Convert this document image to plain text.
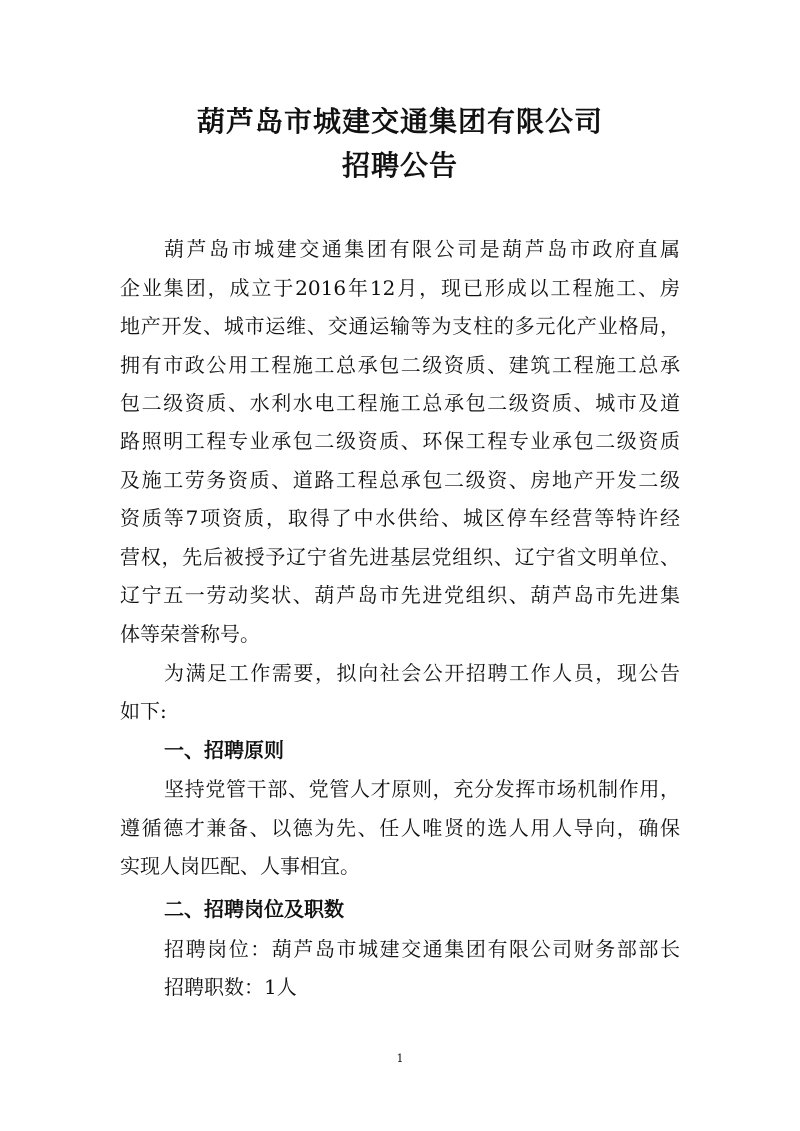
葫芦岛市城建交通集团有限公司
招聘公告
葫芦岛市城建交通集团有限公司是葫芦岛市政府直属
企业集团，成立于2016年12月，现已形成以工程施工、房
地产开发、城市运维、交通运输等为支柱的多元化产业格局，
拥有市政公用工程施工总承包二级资质、建筑工程施工总承
包二级资质、水利水电工程施工总承包二级资质、城市及道
路照明工程专业承包二级资质、环保工程专业承包二级资质
及施工劳务资质、道路工程总承包二级资、房地产开发二级
资质等7项资质，取得了中水供给、城区停车经营等特许经
营权，先后被授予辽宁省先进基层党组织、辽宁省文明单位、
辽宁五一劳动奖状、葫芦岛市先进党组织、葫芦岛市先进集
体等荣誉称号。
为满足工作需要，拟向社会公开招聘工作人员，现公告
如下:
一、招聘原则
坚持党管干部、党管人才原则，充分发挥市场机制作用，
遵循德才兼备、以德为先、任人唯贤的选人用人导向，确保
实现人岗匹配、人事相宜。
二、招聘岗位及职数
招聘岗位：葫芦岛市城建交通集团有限公司财务部部长
招聘职数：1人
1
